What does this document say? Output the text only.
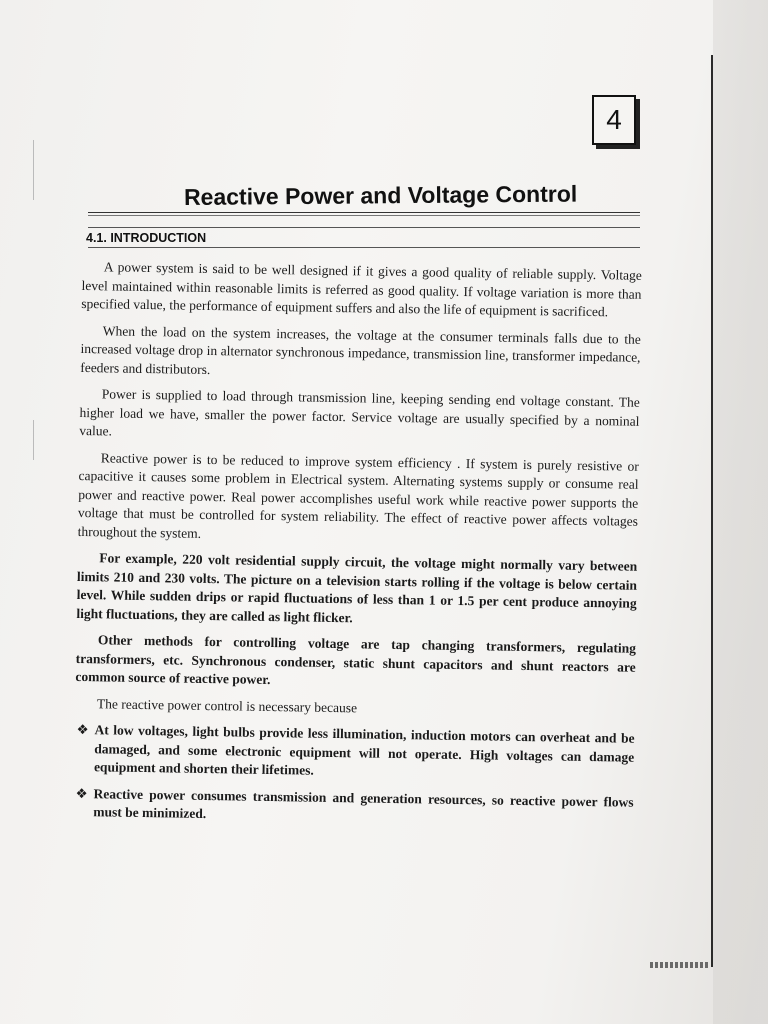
4
Reactive Power and Voltage Control
4.1. INTRODUCTION

A power system is said to be well designed if it gives a good quality of reliable supply. Voltage level maintained within reasonable limits is referred as good quality. If voltage variation is more than specified value, the performance of equipment suffers and also the life of equipment is sacrificed.

When the load on the system increases, the voltage at the consumer terminals falls due to the increased voltage drop in alternator synchronous impedance, transmission line, transformer impedance, feeders and distributors.

Power is supplied to load through transmission line, keeping sending end voltage constant. The higher load we have, smaller the power factor. Service voltage are usually specified by a nominal value.

Reactive power is to be reduced to improve system efficiency . If system is purely resistive or capacitive it causes some problem in Electrical system. Alternating systems supply or consume real power and reactive power. Real power accomplishes useful work while reactive power supports the voltage that must be controlled for system reliability. The effect of reactive power affects voltages throughout the system.

For example, 220 volt residential supply circuit, the voltage might normally vary between limits 210 and 230 volts. The picture on a television starts rolling if the voltage is below certain level. While sudden drips or rapid fluctuations of less than 1 or 1.5 per cent produce annoying light fluctuations, they are called as light flicker.

Other methods for controlling voltage are tap changing transformers, regulating transformers, etc. Synchronous condenser, static shunt capacitors and shunt reactors are common source of reactive power.

The reactive power control is necessary because

❖ At low voltages, light bulbs provide less illumination, induction motors can overheat and be damaged, and some electronic equipment will not operate. High voltages can damage equipment and shorten their lifetimes.
❖ Reactive power consumes transmission and generation resources, so reactive power flows must be minimized.
